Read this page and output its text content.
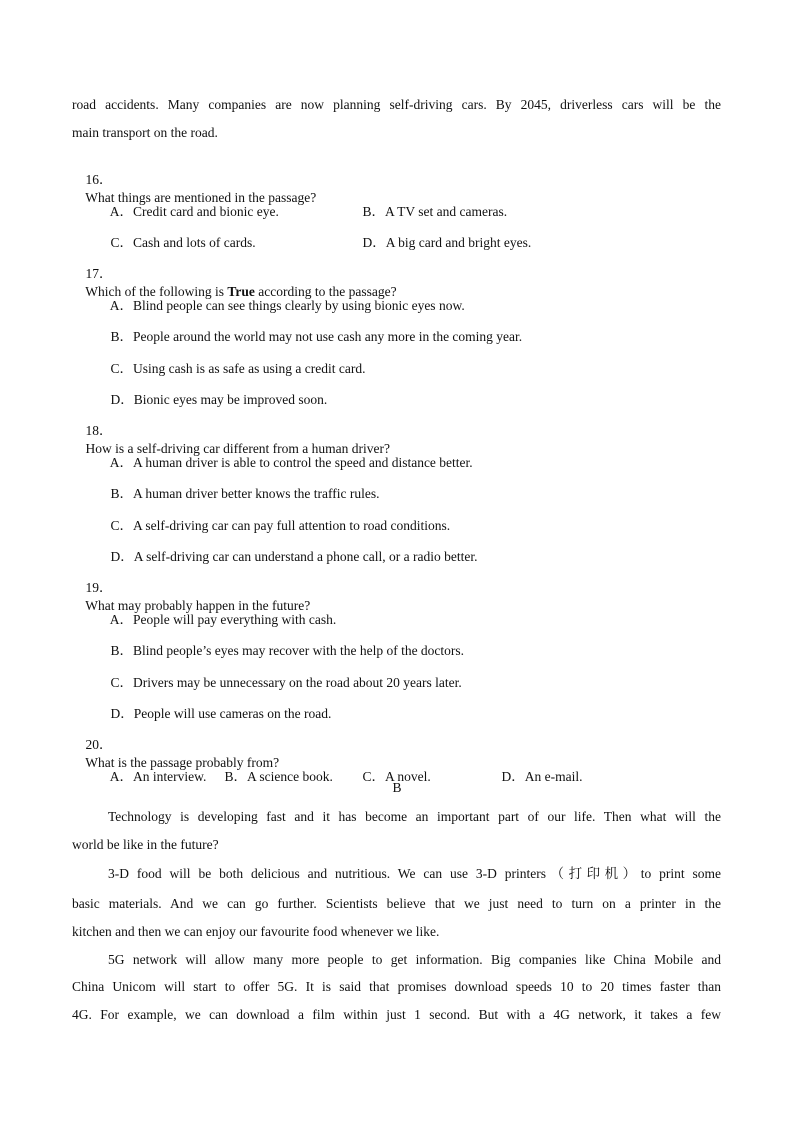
road accidents. Many companies are now planning self-driving cars. By 2045, driverless cars will be the
main transport on the road.

16．
What things are mentioned in the passage?

A．Credit card and bionic eye.
	B．A TV set and cameras.

C．Cash and lots of cards.
	D．A big card and bright eyes.

17．
Which of the following is True according to the passage?

A．Blind people can see things clearly by using bionic eyes now.

B．People around the world may not use cash any more in the coming year.

C．Using cash is as safe as using a credit card.

D．Bionic eyes may be improved soon.

18．
How is a self-driving car different from a human driver?

A．A human driver is able to control the speed and distance better.

B．A human driver better knows the traffic rules.

C．A self-driving car can pay full attention to road conditions.

D．A self-driving car can understand a phone call, or a radio better.

19．
What may probably happen in the future?

A．People will pay everything with cash.

B．Blind people’s eyes may recover with the help of the doctors.

C．Drivers may be unnecessary on the road about 20 years later.

D．People will use cameras on the road.

20．
What is the passage probably from?

A．An interview.
	B．A science book.
	C．A novel.
	D．An e-mail.

B
Technology is developing fast and it has become an important part of our life. Then what will the
world be like in the future?
3-D food will be both delicious and nutritious. We can use 3-D printers（打印机）to print some
basic materials. And we can go further. Scientists believe that we just need to turn on a printer in the
kitchen and then we can enjoy our favourite food whenever we like.
5G network will allow many more people to get information. Big companies like China Mobile and
China Unicom will start to offer 5G. It is said that promises download speeds 10 to 20 times faster than
4G. For example, we can download a film within just 1 second. But with a 4G network, it takes a few
